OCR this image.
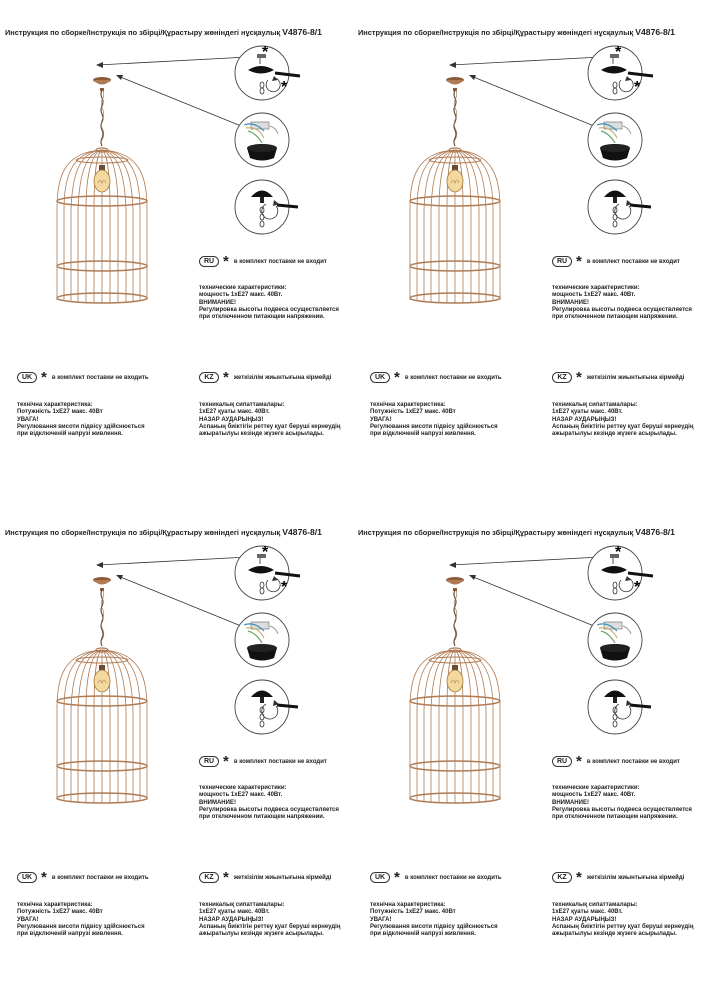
Инструкция по сборке/Інструкція по збірці/Құрастыру жөніндегі нұсқаулық V4876-8/1
RU * в комплект поставки не входит
технические характеристики:
мощность 1хЕ27 макс. 40Вт.
ВНИМАНИЕ!
Регулировка высоты подвеса осуществляется
при отключенном питающем напряжении.
UK * в комплект поставки не входить
технічна характеристика:
Потужність 1хЕ27 макс. 40Вт
УВАГА!
Регулювання висоти підвісу здійснюється
при відключеній напрузі живлення.
KZ * жеткізілім жиынтығына кірмейді
техникалық сипаттамалары:
1хЕ27 қуаты макс. 40Вт.
НАЗАР АУДАРЫҢЫЗ!
Аспаның биіктігін реттеу қуат беруші кернеудің
ажыратылуы кезінде жүзеге асырылады.
Инструкция по сборке/Інструкція по збірці/Құрастыру жөніндегі нұсқаулық V4876-8/1
RU * в комплект поставки не входит
технические характеристики:
мощность 1хЕ27 макс. 40Вт.
ВНИМАНИЕ!
Регулировка высоты подвеса осуществляется
при отключенном питающем напряжении.
UK * в комплект поставки не входить
технічна характеристика:
Потужність 1хЕ27 макс. 40Вт
УВАГА!
Регулювання висоти підвісу здійснюється
при відключеній напрузі живлення.
KZ * жеткізілім жиынтығына кірмейді
техникалық сипаттамалары:
1хЕ27 қуаты макс. 40Вт.
НАЗАР АУДАРЫҢЫЗ!
Аспаның биіктігін реттеу қуат беруші кернеудің
ажыратылуы кезінде жүзеге асырылады.
Инструкция по сборке/Інструкція по збірці/Құрастыру жөніндегі нұсқаулық V4876-8/1
RU * в комплект поставки не входит
технические характеристики:
мощность 1хЕ27 макс. 40Вт.
ВНИМАНИЕ!
Регулировка высоты подвеса осуществляется
при отключенном питающем напряжении.
UK * в комплект поставки не входить
технічна характеристика:
Потужність 1хЕ27 макс. 40Вт
УВАГА!
Регулювання висоти підвісу здійснюється
при відключеній напрузі живлення.
KZ * жеткізілім жиынтығына кірмейді
техникалық сипаттамалары:
1хЕ27 қуаты макс. 40Вт.
НАЗАР АУДАРЫҢЫЗ!
Аспаның биіктігін реттеу қуат беруші кернеудің
ажыратылуы кезінде жүзеге асырылады.
Инструкция по сборке/Інструкція по збірці/Құрастыру жөніндегі нұсқаулық V4876-8/1
RU * в комплект поставки не входит
технические характеристики:
мощность 1хЕ27 макс. 40Вт.
ВНИМАНИЕ!
Регулировка высоты подвеса осуществляется
при отключенном питающем напряжении.
UK * в комплект поставки не входить
технічна характеристика:
Потужність 1хЕ27 макс. 40Вт
УВАГА!
Регулювання висоти підвісу здійснюється
при відключеній напрузі живлення.
KZ * жеткізілім жиынтығына кірмейді
техникалық сипаттамалары:
1хЕ27 қуаты макс. 40Вт.
НАЗАР АУДАРЫҢЫЗ!
Аспаның биіктігін реттеу қуат беруші кернеудің
ажыратылуы кезінде жүзеге асырылады.
